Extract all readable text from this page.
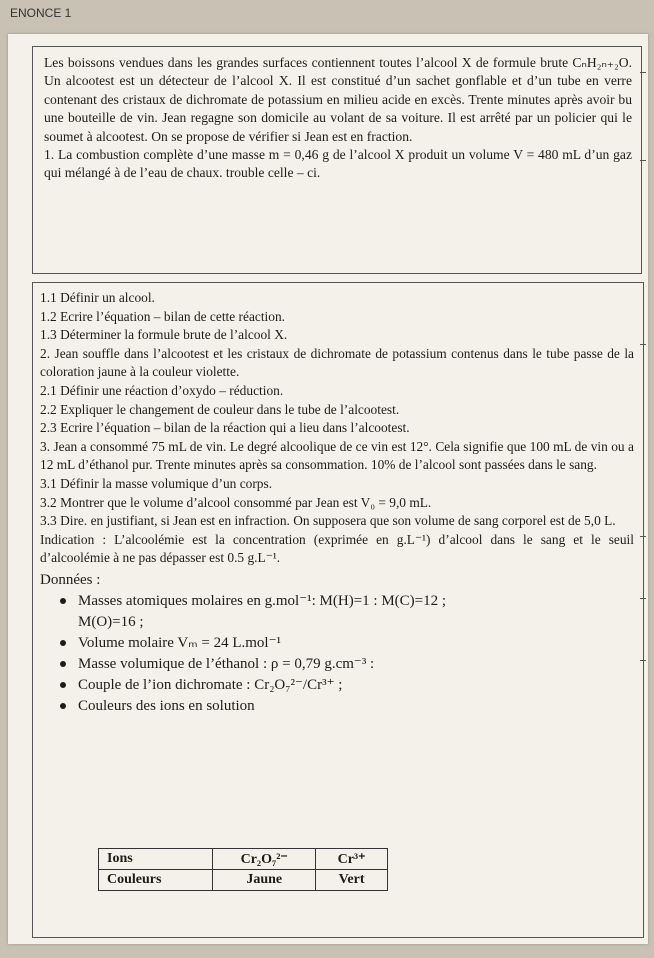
ENONCE 1

Les boissons vendues dans les grandes surfaces contiennent toutes l’alcool X de formule brute CₙH₂ₙ₊₂O. Un alcootest est un détecteur de l’alcool X. Il est constitué d’un sachet gonflable et d’un tube en verre contenant des cristaux de dichromate de potassium en milieu acide en excès. Trente minutes après avoir bu une bouteille de vin. Jean regagne son domicile au volant de sa voiture. Il est arrêté par un policier qui le soumet à alcootest. On se propose de vérifier si Jean est en fraction.
1. La combustion complète d’une masse m = 0,46 g de l’alcool X produit un volume V = 480 mL d’un gaz qui mélangé à de l’eau de chaux. trouble celle – ci.

1.1 Définir un alcool.

1.2 Ecrire l’équation – bilan de cette réaction.

1.3 Déterminer la formule brute de l’alcool X.

2. Jean souffle dans l’alcootest et les cristaux de dichromate de potassium contenus dans le tube passe de la coloration jaune à la couleur violette.

2.1 Définir une réaction d’oxydo – réduction.

2.2 Expliquer le changement de couleur dans le tube de l’alcootest.

2.3 Ecrire l’équation – bilan de la réaction qui a lieu dans l’alcootest.

3. Jean a consommé 75 mL de vin. Le degré alcoolique de ce vin est 12°. Cela signifie que 100 mL de vin ou a 12 mL d’éthanol pur. Trente minutes après sa consommation. 10% de l’alcool sont passées dans le sang.

3.1 Définir la masse volumique d’un corps.

3.2 Montrer que le volume d’alcool consommé par Jean est V₀ = 9,0 mL.

3.3 Dire. en justifiant, si Jean est en infraction. On supposera que son volume de sang corporel est de 5,0 L.

Indication : L’alcoolémie est la concentration (exprimée en g.L⁻¹) d’alcool dans le sang et le seuil d’alcoolémie à ne pas dépasser est 0.5 g.L⁻¹.

Données :

Masses atomiques molaires en g.mol⁻¹: M(H)=1 : M(C)=12 ;
M(O)=16 ;
Volume molaire Vₘ = 24 L.mol⁻¹
Masse volumique de l’éthanol : ρ = 0,79 g.cm⁻³ :
Couple de l’ion dichromate : Cr₂O₇²⁻/Cr³⁺ ;
Couleurs des ions en solution
Ions	Cr₂O₇²⁻	Cr³⁺
Couleurs	Jaune	Vert
